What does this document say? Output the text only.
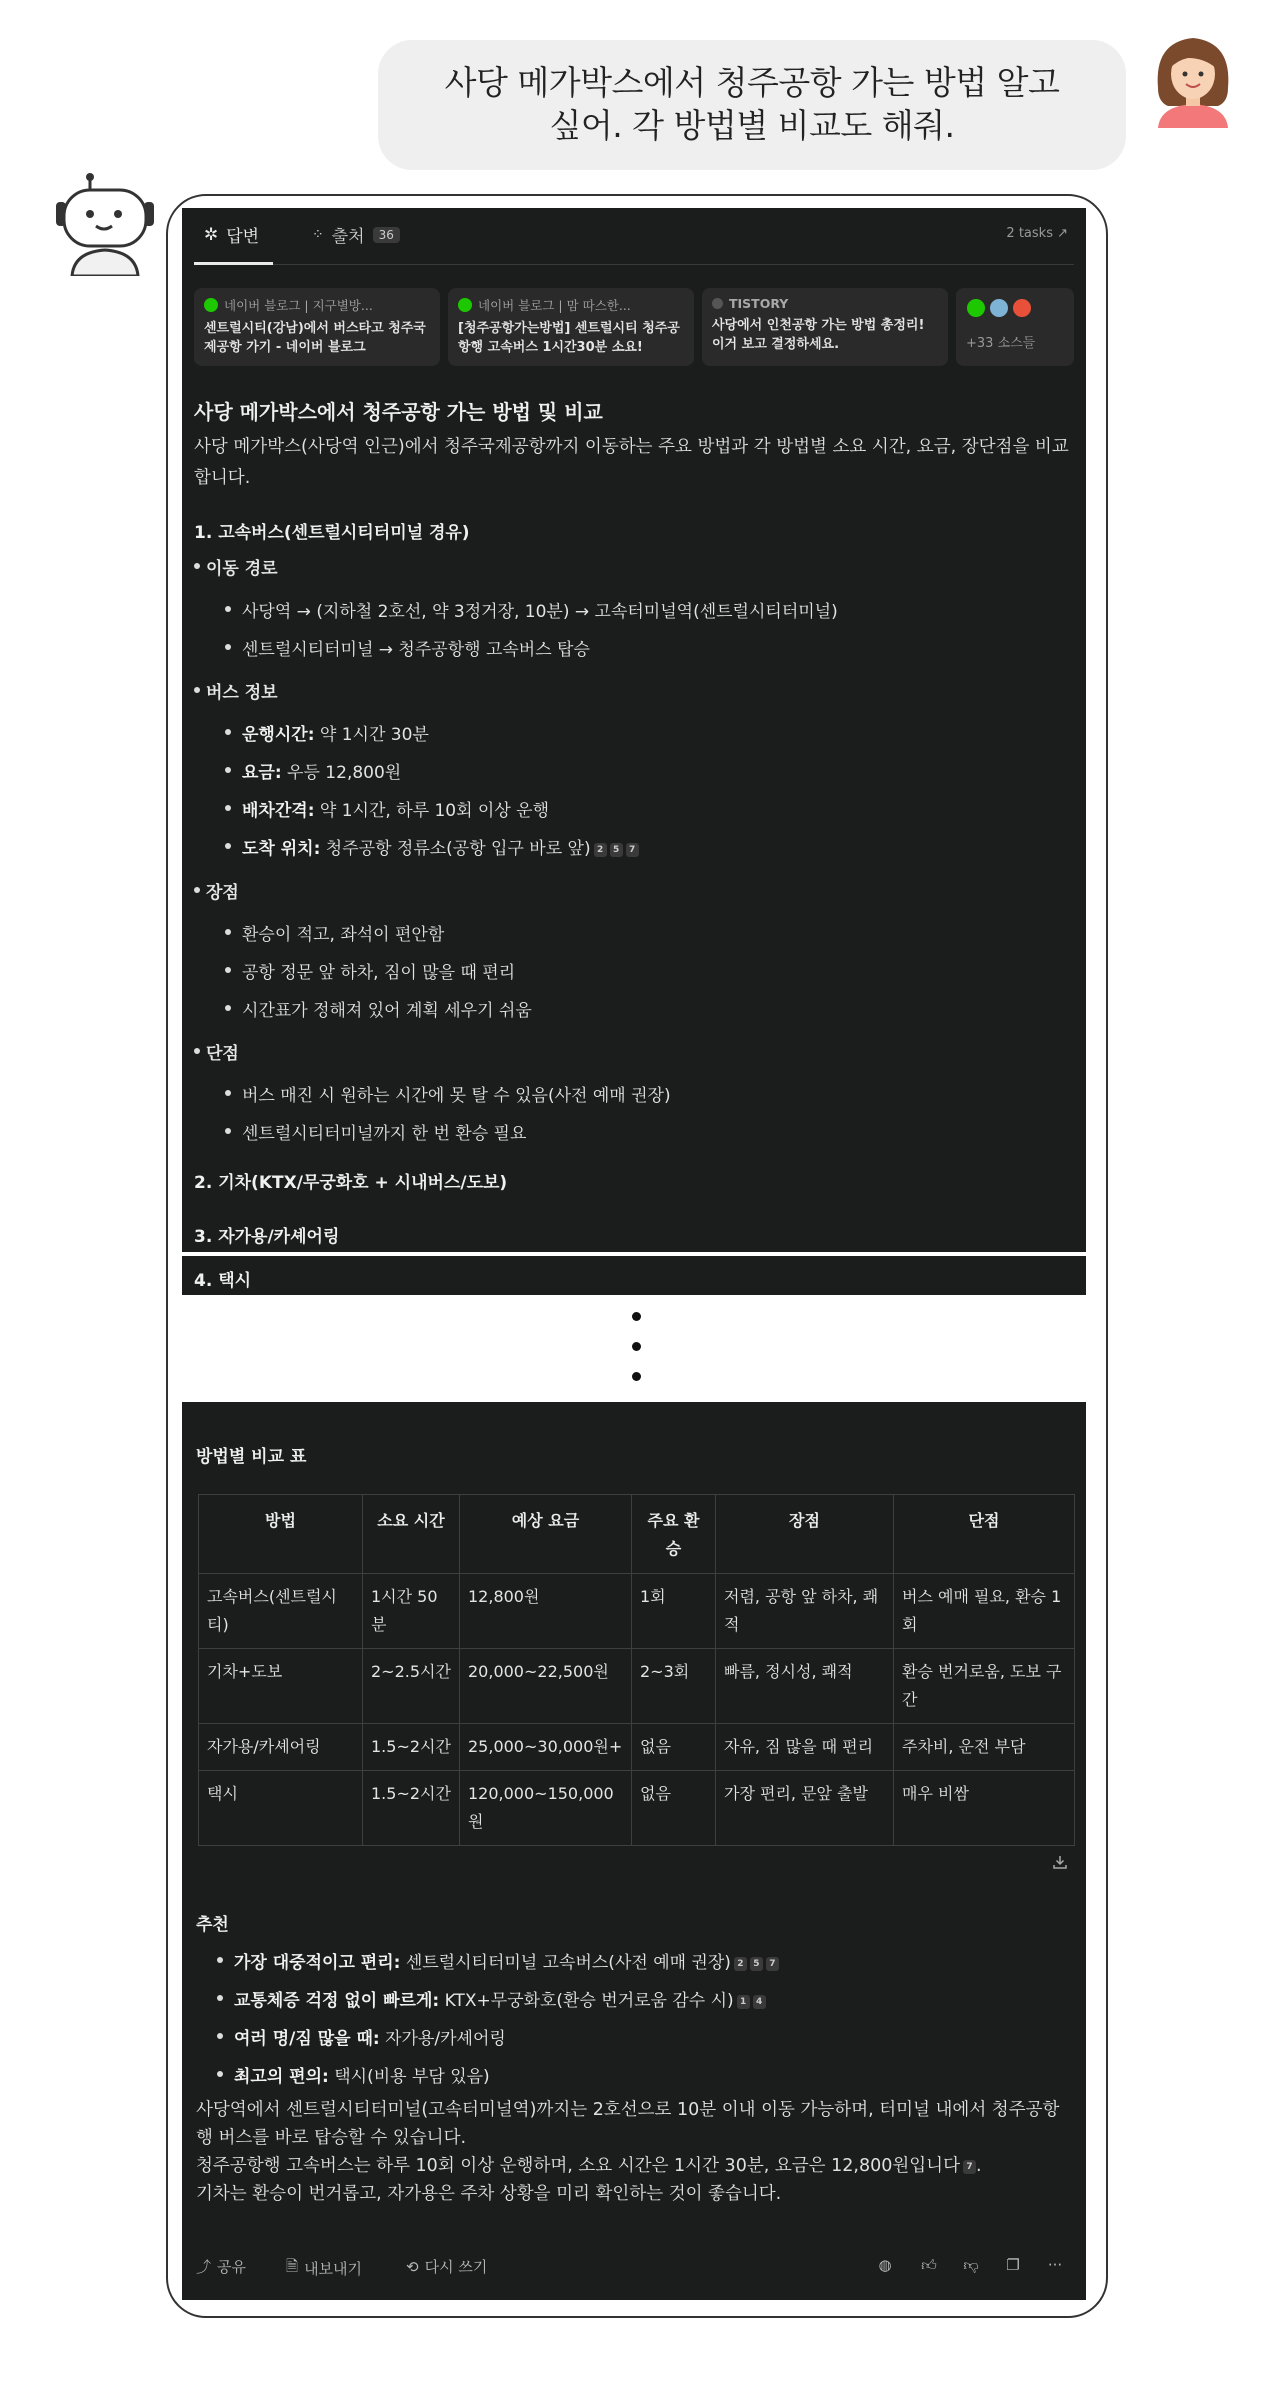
사당 메가박스에서 청주공항 가는 방법 알고
싶어. 각 방법별 비교도 해줘.
✲ 답변	⁘ 출처	36	2 tasks ↗
네이버 블로그 | 지구별방...
센트럴시티(강남)에서 버스타고 청주국제공항 가기 - 네이버 블로그
네이버 블로그 | 맘 따스한...
[청주공항가는방법] 센트럴시티 청주공항행 고속버스 1시간30분 소요!
TISTORY
사당에서 인천공항 가는 방법 총정리! 이거 보고 결정하세요.	+33 소스들
사당 메가박스에서 청주공항 가는 방법 및 비교
사당 메가박스(사당역 인근)에서 청주국제공항까지 이동하는 주요 방법과 각 방법별 소요 시간, 요금, 장단점을 비교합니다.
1. 고속버스(센트럴시티터미널 경유)
이동 경로
사당역 → (지하철 2호선, 약 3정거장, 10분) → 고속터미널역(센트럴시티터미널)
센트럴시티터미널 → 청주공항행 고속버스 탑승
버스 정보
운행시간: 약 1시간 30분
요금: 우등 12,800원
배차간격: 약 1시간, 하루 10회 이상 운행
도착 위치: 청주공항 정류소(공항 입구 바로 앞) 2 5 7
장점
환승이 적고, 좌석이 편안함
공항 정문 앞 하차, 짐이 많을 때 편리
시간표가 정해져 있어 계획 세우기 쉬움
단점
버스 매진 시 원하는 시간에 못 탈 수 있음(사전 예매 권장)
센트럴시티터미널까지 한 번 환승 필요
2. 기차(KTX/무궁화호 + 시내버스/도보)
3. 자가용/카셰어링
4. 택시
방법별 비교 표
방법	소요 시간	예상 요금	주요 환승	장점	단점
고속버스(센트럴시티)	1시간 50분	12,800원	1회	저렴, 공항 앞 하차, 쾌적	버스 예매 필요, 환승 1회
기차+도보	2~2.5시간	20,000~22,500원	2~3회	빠름, 정시성, 쾌적	환승 번거로움, 도보 구간
자가용/카셰어링	1.5~2시간	25,000~30,000원+	없음	자유, 짐 많을 때 편리	주차비, 운전 부담
택시	1.5~2시간	120,000~150,000원	없음	가장 편리, 문앞 출발	매우 비쌈
추천
가장 대중적이고 편리: 센트럴시티터미널 고속버스(사전 예매 권장) 2 5 7
교통체증 걱정 없이 빠르게: KTX+무궁화호(환승 번거로움 감수 시) 1 4
여러 명/짐 많을 때: 자가용/카셰어링
최고의 편의: 택시(비용 부담 있음)
사당역에서 센트럴시티터미널(고속터미널역)까지는 2호선으로 10분 이내 이동 가능하며, 터미널 내에서 청주공항행 버스를 바로 탑승할 수 있습니다.
청주공항행 고속버스는 하루 10회 이상 운행하며, 소요 시간은 1시간 30분, 요금은 12,800원입니다 7 .
기차는 환승이 번거롭고, 자가용은 주차 상황을 미리 확인하는 것이 좋습니다.
⤴ 공유	🗎 내보내기	⟲ 다시 쓰기	◍ 👍︎ 👎︎ ❐ ···
